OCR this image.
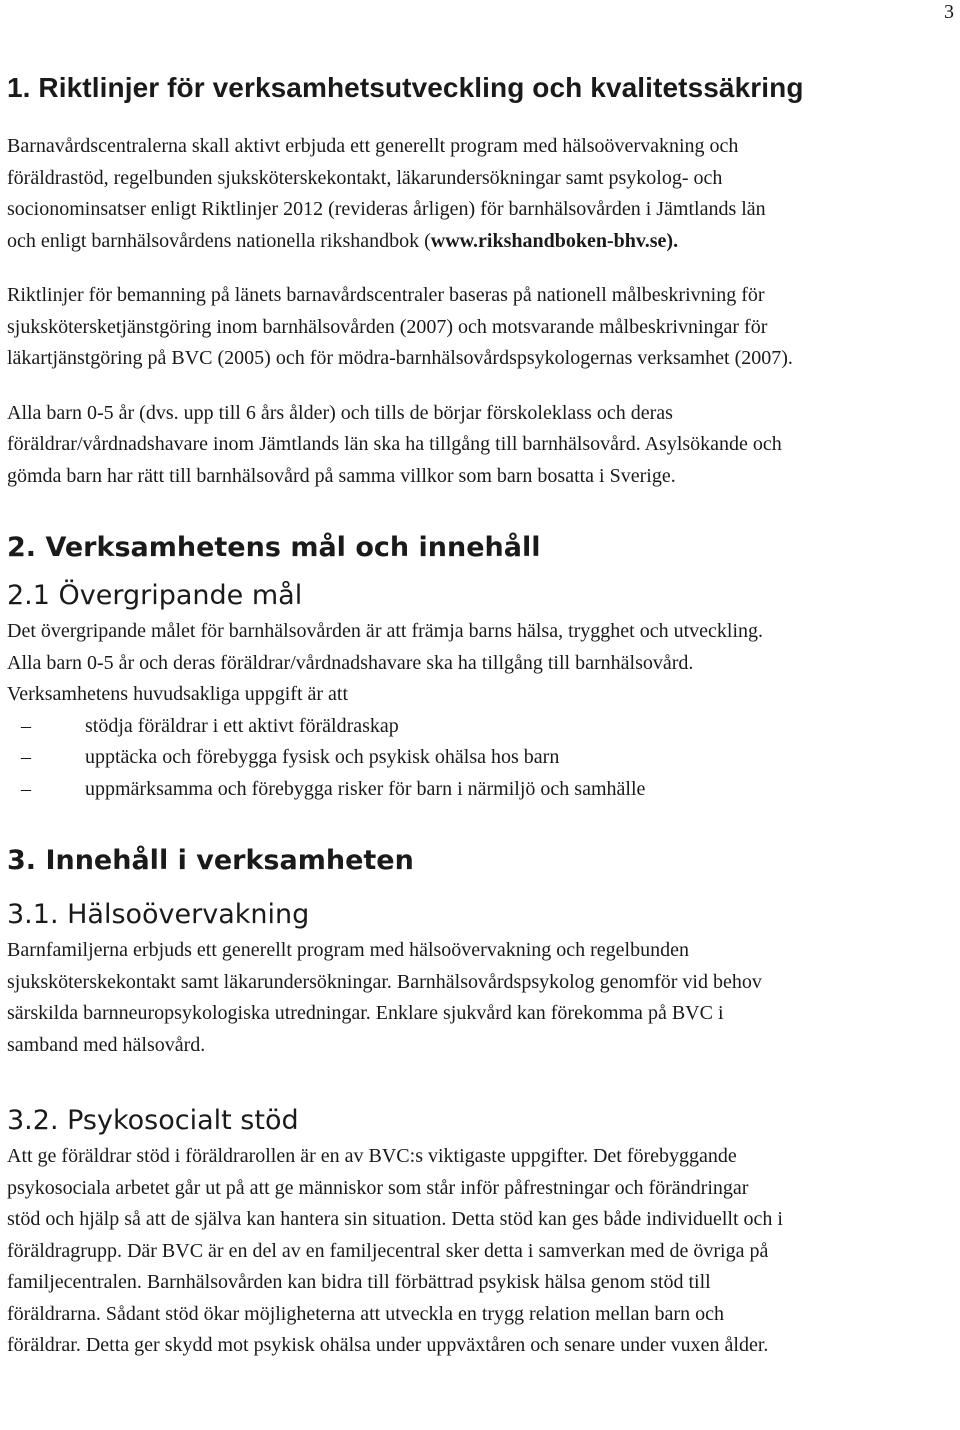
3
1. Riktlinjer för verksamhetsutveckling och kvalitetssäkring

Barnavårdscentralerna skall aktivt erbjuda ett generellt program med hälsoövervakning och

föräldrastöd, regelbunden sjuksköterskekontakt, läkarundersökningar samt psykolog- och

socionominsatser enligt Riktlinjer 2012 (revideras årligen) för barnhälsovården i Jämtlands län

och enligt barnhälsovårdens nationella rikshandbok (www.rikshandboken-bhv.se).

Riktlinjer för bemanning på länets barnavårdscentraler baseras på nationell målbeskrivning för

sjukskötersketjänstgöring inom barnhälsovården (2007) och motsvarande målbeskrivningar för

läkartjänstgöring på BVC (2005) och för mödra-barnhälsovårdspsykologernas verksamhet (2007).

Alla barn 0-5 år (dvs. upp till 6 års ålder) och tills de börjar förskoleklass och deras

föräldrar/vårdnadshavare inom Jämtlands län ska ha tillgång till barnhälsovård. Asylsökande och

gömda barn har rätt till barnhälsovård på samma villkor som barn bosatta i Sverige.

2. Verksamhetens mål och innehåll
2.1 Övergripande mål

Det övergripande målet för barnhälsovården är att främja barns hälsa, trygghet och utveckling.

Alla barn 0-5 år och deras föräldrar/vårdnadshavare ska ha tillgång till barnhälsovård.

Verksamhetens huvudsakliga uppgift är att

–	stödja föräldrar i ett aktivt föräldraskap
–	upptäcka och förebygga fysisk och psykisk ohälsa hos barn
–	uppmärksamma och förebygga risker för barn i närmiljö och samhälle
3. Innehåll i verksamheten
3.1. Hälsoövervakning

Barnfamiljerna erbjuds ett generellt program med hälsoövervakning och regelbunden

sjuksköterskekontakt samt läkarundersökningar. Barnhälsovårdspsykolog genomför vid behov

särskilda barnneuropsykologiska utredningar. Enklare sjukvård kan förekomma på BVC i

samband med hälsovård.

3.2. Psykosocialt stöd

Att ge föräldrar stöd i föräldrarollen är en av BVC:s viktigaste uppgifter. Det förebyggande

psykosociala arbetet går ut på att ge människor som står inför påfrestningar och förändringar

stöd och hjälp så att de själva kan hantera sin situation. Detta stöd kan ges både individuellt och i

föräldragrupp. Där BVC är en del av en familjecentral sker detta i samverkan med de övriga på

familjecentralen. Barnhälsovården kan bidra till förbättrad psykisk hälsa genom stöd till

föräldrarna. Sådant stöd ökar möjligheterna att utveckla en trygg relation mellan barn och

föräldrar. Detta ger skydd mot psykisk ohälsa under uppväxtåren och senare under vuxen ålder.
